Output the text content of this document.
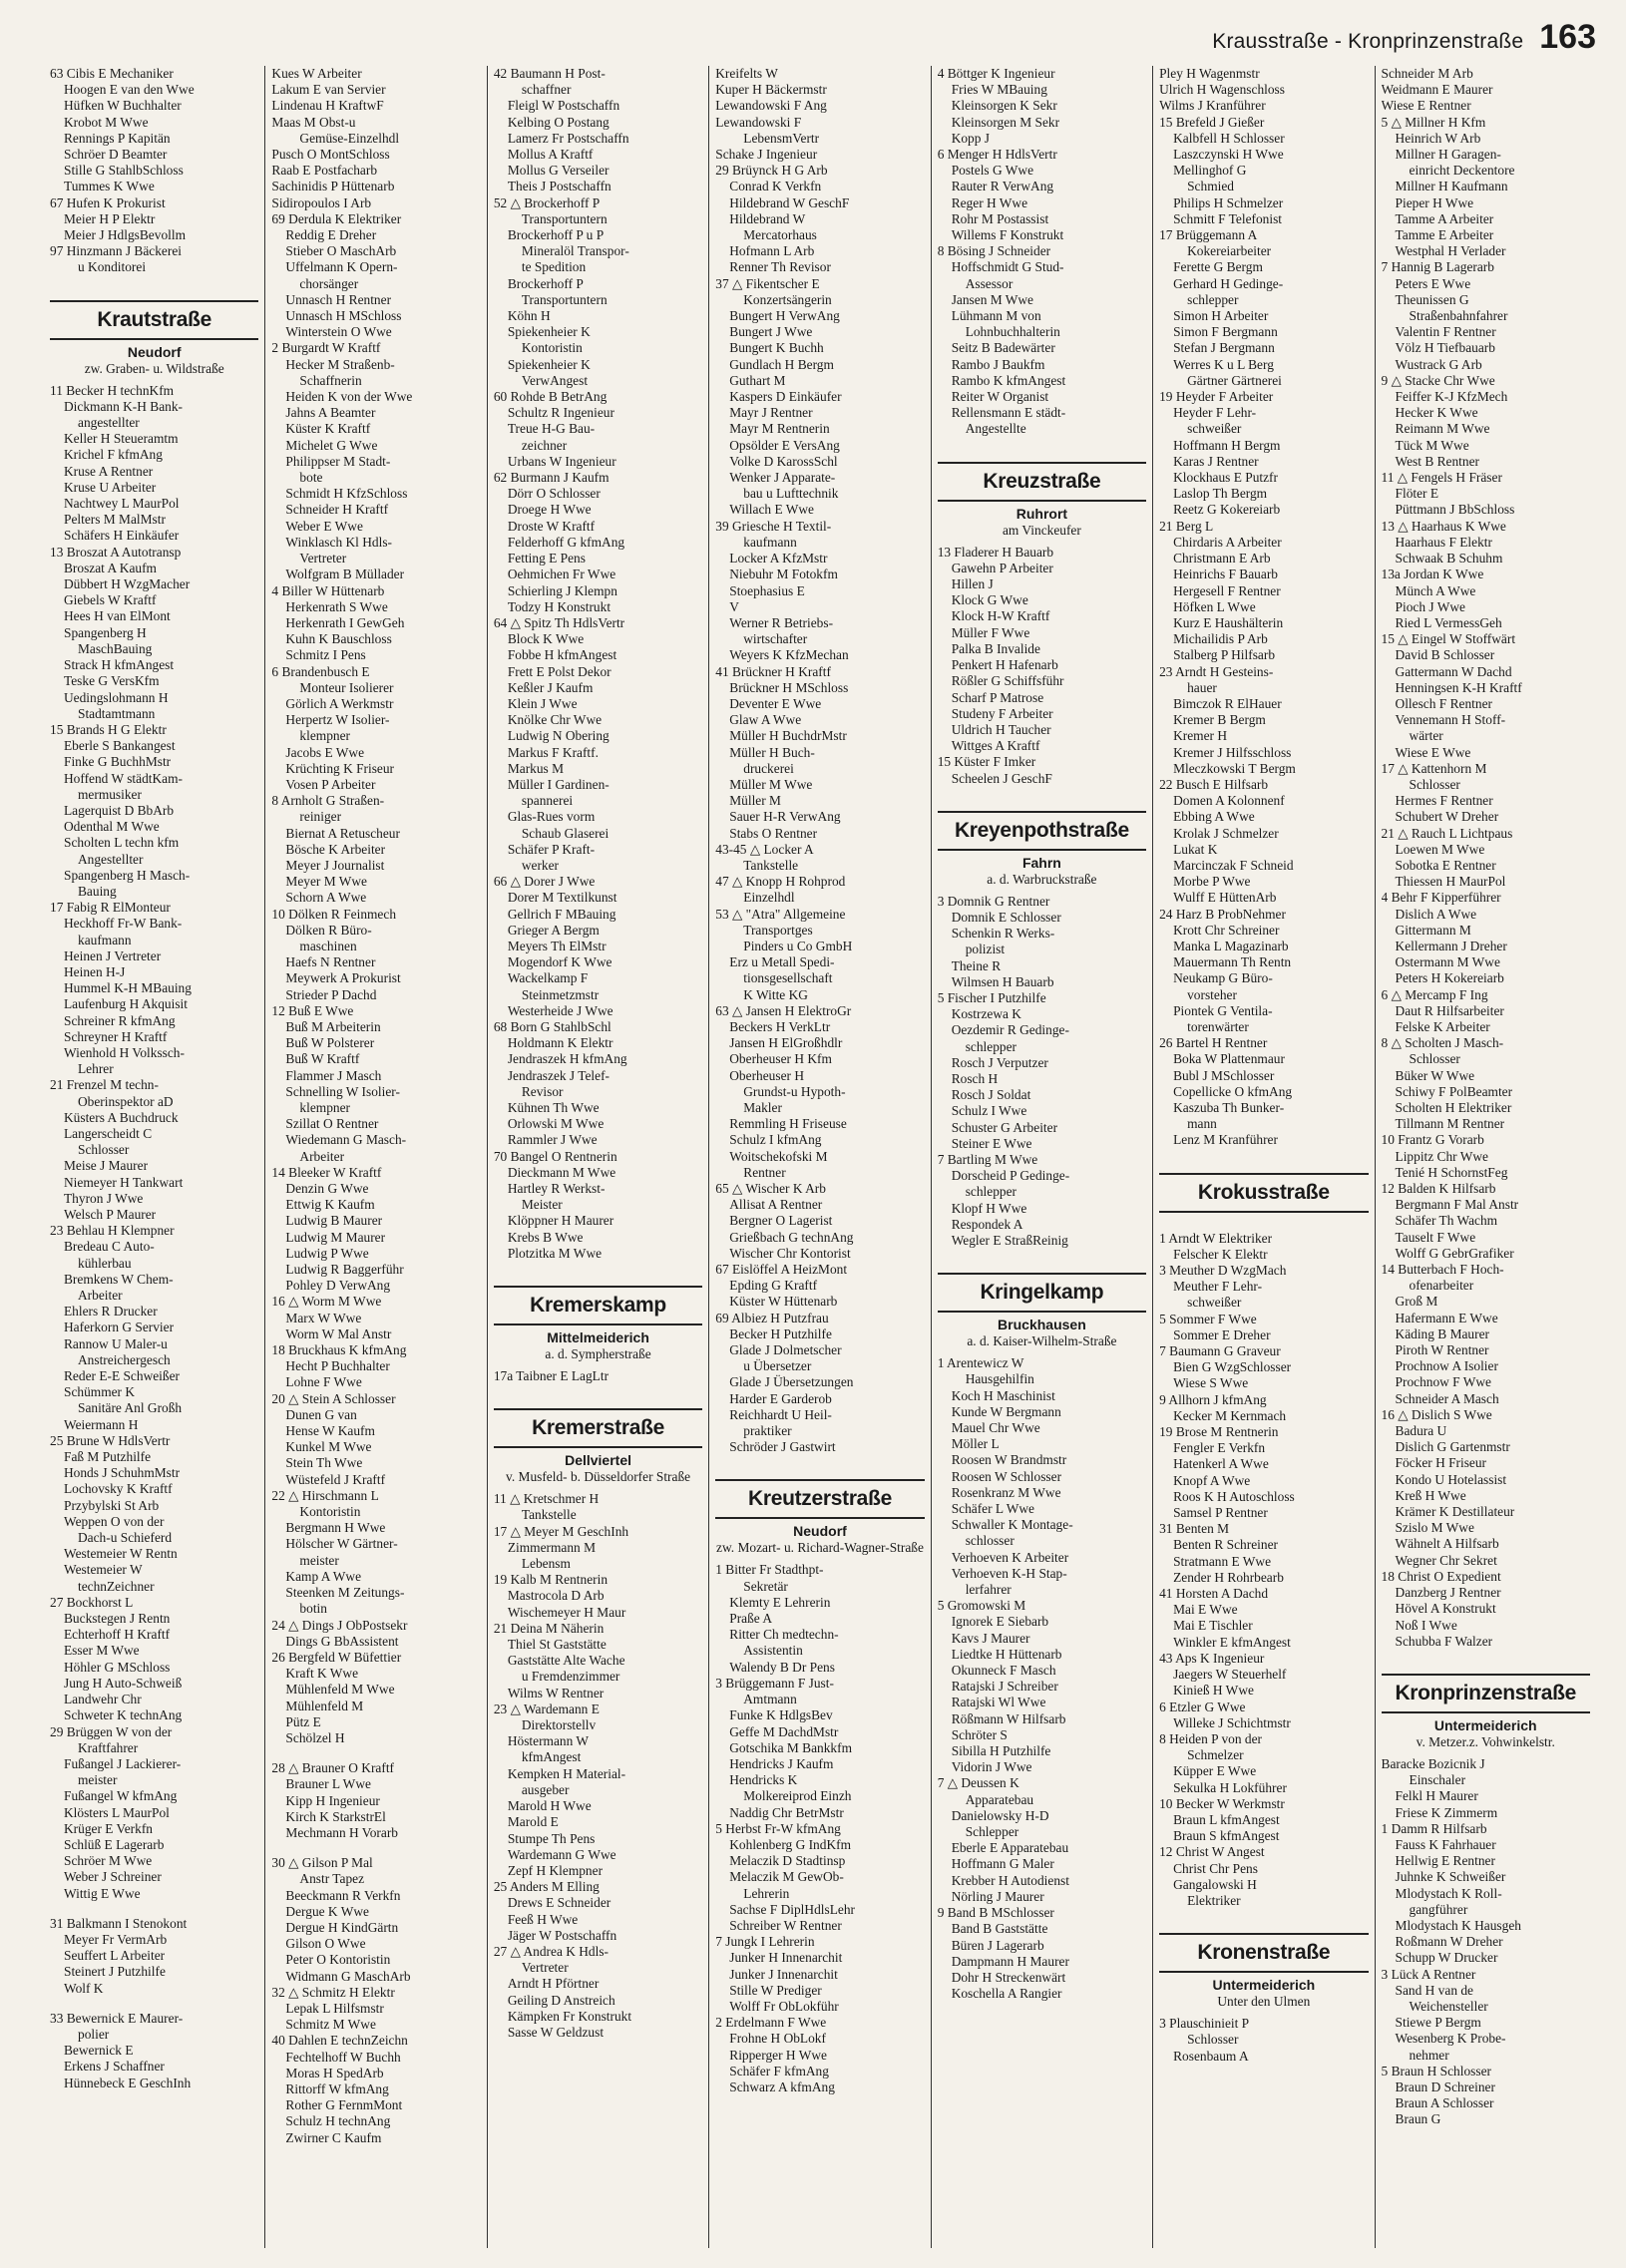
Krausstraße - Kronprinzenstraße 163
63 Cibis E Mechaniker
Hoogen E van den Wwe
Hüfken W Buchhalter
Krobot M Wwe
Rennings P Kapitän
Schröer D Beamter
Stille G StahlbSchloss
Tummes K Wwe
67 Hufen K Prokurist
Meier H P Elektr
Meier J HdlgsBevollm
97 Hinzmann J Bäckerei
u Konditorei
Krautstraße
Neudorf
zw. Graben- u. Wildstraße
11 Becker H technKfm
Dickmann K-H Bank-
angestellter
Keller H Steueramtm
Krichel F kfmAng
Kruse A Rentner
Kruse U Arbeiter
Nachtwey L MaurPol
Pelters M MalMstr
Schäfers H Einkäufer
13 Broszat A Autotransp
Broszat A Kaufm
Dübbert H WzgMacher
Giebels W Kraftf
Hees H van ElMont
Spangenberg H
MaschBauing
Strack H kfmAngest
Teske G VersKfm
Uedingslohmann H
Stadtamtmann
15 Brands H G Elektr
Eberle S Bankangest
Finke G BuchhMstr
Hoffend W städtKam-
mermusiker
Lagerquist D BbArb
Odenthal M Wwe
Scholten L techn kfm
Angestellter
Spangenberg H Masch-
Bauing
17 Fabig R ElMonteur
Heckhoff Fr-W Bank-
kaufmann
Heinen J Vertreter
Heinen H-J
Hummel K-H MBauing
Laufenburg H Akquisit
Schreiner R kfmAng
Schreyner H Kraftf
Wienhold H Volkssch-
Lehrer
21 Frenzel M techn-
Oberinspektor aD
Küsters A Buchdruck
Langerscheidt C
Schlosser
Meise J Maurer
Niemeyer H Tankwart
Thyron J Wwe
Welsch P Maurer
23 Behlau H Klempner
Bredeau C Auto-
kühlerbau
Bremkens W Chem-
Arbeiter
Ehlers R Drucker
Haferkorn G Servier
Rannow U Maler-u
Anstreichergesch
Reder E-E Schweißer
Schümmer K
Sanitäre Anl Großh
Weiermann H
25 Brune W HdlsVertr
Faß M Putzhilfe
Honds J SchuhmMstr
Lochovsky K Kraftf
Przybylski St Arb
Weppen O von der
Dach-u Schieferd
Westemeier W Rentn
Westemeier W
technZeichner
27 Bockhorst L
Buckstegen J Rentn
Echterhoff H Kraftf
Esser M Wwe
Höhler G MSchloss
Jung H Auto-Schweiß
Landwehr Chr
Schweter K technAng
29 Brüggen W von der
Kraftfahrer
Fußangel J Lackierer-
meister
Fußangel W kfmAng
Klösters L MaurPol
Krüger E Verkfn
Schlüß E Lagerarb
Schröer M Wwe
Weber J Schreiner
Wittig E Wwe
31 Balkmann I Stenokont
Meyer Fr VermArb
Seuffert L Arbeiter
Steinert J Putzhilfe
Wolf K
33 Bewernick E Maurer-
polier
Bewernick E
Erkens J Schaffner
Hünnebeck E GeschInh
Kues W Arbeiter
Lakum E van Servier
Lindenau H KraftwF
Maas M Obst-u
Gemüse-Einzelhdl
Pusch O MontSchloss
Raab E Postfacharb
Sachinidis P Hüttenarb
Sidiropoulos I Arb
69 Derdula K Elektriker
Reddig E Dreher
Stieber O MaschArb
Uffelmann K Opern-
chorsänger
Unnasch H Rentner
Unnasch H MSchloss
Winterstein O Wwe
2 Burgardt W Kraftf
Hecker M Straßenb-
Schaffnerin
Heiden K von der Wwe
Jahns A Beamter
Küster K Kraftf
Michelet G Wwe
Philippser M Stadt-
bote
Schmidt H KfzSchloss
Schneider H Kraftf
Weber E Wwe
Winklasch Kl Hdls-
Vertreter
Wolfgram B Müllader
4 Biller W Hüttenarb
Herkenrath S Wwe
Herkenrath I GewGeh
Kuhn K Bauschloss
Schmitz I Pens
6 Brandenbusch E
Monteur Isolierer
Görlich A Werkmstr
Herpertz W Isolier-
klempner
Jacobs E Wwe
Krüchting K Friseur
Vosen P Arbeiter
8 Arnholt G Straßen-
reiniger
Biernat A Retuscheur
Bösche K Arbeiter
Meyer J Journalist
Meyer M Wwe
Schorn A Wwe
10 Dölken R Feinmech
Dölken R Büro-
maschinen
Haefs N Rentner
Meywerk A Prokurist
Strieder P Dachd
12 Buß E Wwe
Buß M Arbeiterin
Buß W Polsterer
Buß W Kraftf
Flammer J Masch
Schnelling W Isolier-
klempner
Szillat O Rentner
Wiedemann G Masch-
Arbeiter
14 Bleeker W Kraftf
Denzin G Wwe
Ettwig K Kaufm
Ludwig B Maurer
Ludwig M Maurer
Ludwig P Wwe
Ludwig R Baggerführ
Pohley D VerwAng
16 △ Worm M Wwe
Marx W Wwe
Worm W Mal Anstr
18 Bruckhaus K kfmAng
Hecht P Buchhalter
Lohne F Wwe
20 △ Stein A Schlosser
Dunen G van
Hense W Kaufm
Kunkel M Wwe
Stein Th Wwe
Wüstefeld J Kraftf
22 △ Hirschmann L
Kontoristin
Bergmann H Wwe
Hölscher W Gärtner-
meister
Kamp A Wwe
Steenken M Zeitungs-
botin
24 △ Dings J ObPostsekr
Dings G BbAssistent
26 Bergfeld W Büfettier
Kraft K Wwe
Mühlenfeld M Wwe
Mühlenfeld M
Pütz E
Schölzel H
28 △ Brauner O Kraftf
Brauner L Wwe
Kipp H Ingenieur
Kirch K StarkstrEl
Mechmann H Vorarb
30 △ Gilson P Mal
Anstr Tapez
Beeckmann R Verkfn
Dergue K Wwe
Dergue H KindGärtn
Gilson O Wwe
Peter O Kontoristin
Widmann G MaschArb
32 △ Schmitz H Elektr
Lepak L Hilfsmstr
Schmitz M Wwe
40 Dahlen E technZeichn
Fechtelhoff W Buchh
Moras H SpedArb
Rittorff W kfmAng
Rother G FernmMont
Schulz H technAng
Zwirner C Kaufm
42 Baumann H Post-
schaffner
Fleigl W Postschaffn
Kelbing O Postang
Lamerz Fr Postschaffn
Mollus A Kraftf
Mollus G Verseiler
Theis J Postschaffn
52 △ Brockerhoff P
Transportuntern
Brockerhoff P u P
Mineralöl Transpor-
te Spedition
Brockerhoff P
Transportuntern
Köhn H
Spiekenheier K
Kontoristin
Spiekenheier K
VerwAngest
60 Rohde B BetrAng
Schultz R Ingenieur
Treue H-G Bau-
zeichner
Urbans W Ingenieur
62 Burmann J Kaufm
Dörr O Schlosser
Droege H Wwe
Droste W Kraftf
Felderhoff G kfmAng
Fetting E Pens
Oehmichen Fr Wwe
Schierling J Klempn
Todzy H Konstrukt
64 △ Spitz Th HdlsVertr
Block K Wwe
Fobbe H kfmAngest
Frett E Polst Dekor
Keßler J Kaufm
Klein J Wwe
Knölke Chr Wwe
Ludwig N Obering
Markus F Kraftf.
Markus M
Müller I Gardinen-
spannerei
Glas-Rues vorm
Schaub Glaserei
Schäfer P Kraft-
werker
66 △ Dorer J Wwe
Dorer M Textilkunst
Gellrich F MBauing
Grieger A Bergm
Meyers Th ElMstr
Mogendorf K Wwe
Wackelkamp F
Steinmetzmstr
Westerheide J Wwe
68 Born G StahlbSchl
Holdmann K Elektr
Jendraszek H kfmAng
Jendraszek J Telef-
Revisor
Kühnen Th Wwe
Orlowski M Wwe
Rammler J Wwe
70 Bangel O Rentnerin
Dieckmann M Wwe
Hartley R Werkst-
Meister
Klöppner H Maurer
Krebs B Wwe
Plotzitka M Wwe
Kremerskamp
Mittelmeiderich
a. d. Sympherstraße
17a Taibner E LagLtr
Kremerstraße
Dellviertel
v. Musfeld- b. Düsseldorfer Straße
11 △ Kretschmer H
Tankstelle
17 △ Meyer M GeschInh
Zimmermann M
Lebensm
19 Kalb M Rentnerin
Mastrocola D Arb
Wischemeyer H Maur
21 Deina M Näherin
Thiel St Gaststätte
Gaststätte Alte Wache
u Fremdenzimmer
Wilms W Rentner
23 △ Wardemann E
Direktorstellv
Höstermann W
kfmAngest
Kempken H Material-
ausgeber
Marold H Wwe
Marold E
Stumpe Th Pens
Wardemann G Wwe
Zepf H Klempner
25 Anders M Elling
Drews E Schneider
Feeß H Wwe
Jäger W Postschaffn
27 △ Andrea K Hdls-
Vertreter
Arndt H Pförtner
Geiling D Anstreich
Kämpken Fr Konstrukt
Sasse W Geldzust
Kreifelts W
Kuper H Bäckermstr
Lewandowski F Ang
Lewandowski F
LebensmVertr
Schake J Ingenieur
29 Brüynck H G Arb
Conrad K Verkfn
Hildebrand W GeschF
Hildebrand W
Mercatorhaus
Hofmann L Arb
Renner Th Revisor
37 △ Fikentscher E
Konzertsängerin
Bungert H VerwAng
Bungert J Wwe
Bungert K Buchh
Gundlach H Bergm
Guthart M
Kaspers D Einkäufer
Mayr J Rentner
Mayr M Rentnerin
Opsölder E VersAng
Volke D KarossSchl
Wenker J Apparate-
bau u Lufttechnik
Willach E Wwe
39 Griesche H Textil-
kaufmann
Locker A KfzMstr
Niebuhr M Fotokfm
Stoephasius E
V
Werner R Betriebs-
wirtschafter
Weyers K KfzMechan
41 Brückner H Kraftf
Brückner H MSchloss
Deventer E Wwe
Glaw A Wwe
Müller H BuchdrMstr
Müller H Buch-
druckerei
Müller M Wwe
Müller M
Sauer H-R VerwAng
Stabs O Rentner
43-45 △ Locker A
Tankstelle
47 △ Knopp H Rohprod
Einzelhdl
53 △ "Atra" Allgemeine
Transportges
Pinders u Co GmbH
Erz u Metall Spedi-
tionsgesellschaft
K Witte KG
63 △ Jansen H ElektroGr
Beckers H VerkLtr
Jansen H ElGroßhdlr
Oberheuser H Kfm
Oberheuser H
Grundst-u Hypoth-
Makler
Remmling H Friseuse
Schulz I kfmAng
Woitschekofski M
Rentner
65 △ Wischer K Arb
Allisat A Rentner
Bergner O Lagerist
Grießbach G technAng
Wischer Chr Kontorist
67 Eislöffel A HeizMont
Epding G Kraftf
Küster W Hüttenarb
69 Albiez H Putzfrau
Becker H Putzhilfe
Glade J Dolmetscher
u Übersetzer
Glade J Übersetzungen
Harder E Garderob
Reichhardt U Heil-
praktiker
Schröder J Gastwirt
Kreutzerstraße
Neudorf
zw. Mozart- u. Richard-Wagner-Straße
1 Bitter Fr Stadthpt-
Sekretär
Klemty E Lehrerin
Praße A
Ritter Ch medtechn-
Assistentin
Walendy B Dr Pens
3 Brüggemann F Just-
Amtmann
Funke K HdlgsBev
Geffe M DachdMstr
Gotschika M Bankkfm
Hendricks J Kaufm
Hendricks K
Molkereiprod Einzh
Naddig Chr BetrMstr
5 Herbst Fr-W kfmAng
Kohlenberg G IndKfm
Melaczik D Stadtinsp
Melaczik M GewOb-
Lehrerin
Sachse F DiplHdlsLehr
Schreiber W Rentner
7 Jungk I Lehrerin
Junker H Innenarchit
Junker J Innenarchit
Stille W Prediger
Wolff Fr ObLokführ
2 Erdelmann F Wwe
Frohne H ObLokf
Ripperger H Wwe
Schäfer F kfmAng
Schwarz A kfmAng
4 Böttger K Ingenieur
Fries W MBauing
Kleinsorgen K Sekr
Kleinsorgen M Sekr
Kopp J
6 Menger H HdlsVertr
Postels G Wwe
Rauter R VerwAng
Reger H Wwe
Rohr M Postassist
Willems F Konstrukt
8 Bösing J Schneider
Hoffschmidt G Stud-
Assessor
Jansen M Wwe
Lühmann M von
Lohnbuchhalterin
Seitz B Badewärter
Rambo J Baukfm
Rambo K kfmAngest
Reiter W Organist
Rellensmann E städt-
Angestellte
Kreuzstraße
Ruhrort
am Vinckeufer
13 Fladerer H Bauarb
Gawehn P Arbeiter
Hillen J
Klock G Wwe
Klock H-W Kraftf
Müller F Wwe
Palka B Invalide
Penkert H Hafenarb
Rößler G Schiffsführ
Scharf P Matrose
Studeny F Arbeiter
Uldrich H Taucher
Wittges A Kraftf
15 Küster F Imker
Scheelen J GeschF
Kreyenpothstraße
Fahrn
a. d. Warbruckstraße
3 Domnik G Rentner
Domnik E Schlosser
Schenkin R Werks-
polizist
Theine R
Wilmsen H Bauarb
5 Fischer I Putzhilfe
Kostrzewa K
Oezdemir R Gedinge-
schlepper
Rosch J Verputzer
Rosch H
Rosch J Soldat
Schulz I Wwe
Schuster G Arbeiter
Steiner E Wwe
7 Bartling M Wwe
Dorscheid P Gedinge-
schlepper
Klopf H Wwe
Respondek A
Wegler E StraßReinig
Kringelkamp
Bruckhausen
a. d. Kaiser-Wilhelm-Straße
1 Arentewicz W
Hausgehilfin
Koch H Maschinist
Kunde W Bergmann
Mauel Chr Wwe
Möller L
Roosen W Brandmstr
Roosen W Schlosser
Rosenkranz M Wwe
Schäfer L Wwe
Schwaller K Montage-
schlosser
Verhoeven K Arbeiter
Verhoeven K-H Stap-
lerfahrer
5 Gromowski M
Ignorek E Siebarb
Kavs J Maurer
Liedtke H Hüttenarb
Okunneck F Masch
Ratajski J Schreiber
Ratajski Wl Wwe
Rößmann W Hilfsarb
Schröter S
Sibilla H Putzhilfe
Vidorin J Wwe
7 △ Deussen K
Apparatebau
Danielowsky H-D
Schlepper
Eberle E Apparatebau
Hoffmann G Maler
Krebber H Autodienst
Nörling J Maurer
9 Band B MSchlosser
Band B Gaststätte
Büren J Lagerarb
Dampmann H Maurer
Dohr H Streckenwärt
Koschella A Rangier
Pley H Wagenmstr
Ulrich H Wagenschloss
Wilms J Kranführer
15 Brefeld J Gießer
Kalbfell H Schlosser
Laszczynski H Wwe
Mellinghof G
Schmied
Philips H Schmelzer
Schmitt F Telefonist
17 Brüggemann A
Kokereiarbeiter
Ferette G Bergm
Gerhard H Gedinge-
schlepper
Simon H Arbeiter
Simon F Bergmann
Stefan J Bergmann
Werres K u L Berg
Gärtner Gärtnerei
19 Heyder F Arbeiter
Heyder F Lehr-
schweißer
Hoffmann H Bergm
Karas J Rentner
Klockhaus E Putzfr
Laslop Th Bergm
Reetz G Kokereiarb
21 Berg L
Chirdaris A Arbeiter
Christmann E Arb
Heinrichs F Bauarb
Hergesell F Rentner
Höfken L Wwe
Kurz E Haushälterin
Michailidis P Arb
Stalberg P Hilfsarb
23 Arndt H Gesteins-
hauer
Bimczok R ElHauer
Kremer B Bergm
Kremer H
Kremer J Hilfsschloss
Mleczkowski T Bergm
22 Busch E Hilfsarb
Domen A Kolonnenf
Ebbing A Wwe
Krolak J Schmelzer
Lukat K
Marcinczak F Schneid
Morbe P Wwe
Wulff E HüttenArb
24 Harz B ProbNehmer
Krott Chr Schreiner
Manka L Magazinarb
Mauermann Th Rentn
Neukamp G Büro-
vorsteher
Piontek G Ventila-
torenwärter
26 Bartel H Rentner
Boka W Plattenmaur
Bubl J MSchlosser
Copellicke O kfmAng
Kaszuba Th Bunker-
mann
Lenz M Kranführer
Krokusstraße
1 Arndt W Elektriker
Felscher K Elektr
3 Meuther D WzgMach
Meuther F Lehr-
schweißer
5 Sommer F Wwe
Sommer E Dreher
7 Baumann G Graveur
Bien G WzgSchlosser
Wiese S Wwe
9 Allhorn J kfmAng
Kecker M Kernmach
19 Brose M Rentnerin
Fengler E Verkfn
Hatenkerl A Wwe
Knopf A Wwe
Roos K H Autoschloss
Samsel P Rentner
31 Benten M
Benten R Schreiner
Stratmann E Wwe
Zender H Rohrbearb
41 Horsten A Dachd
Mai E Wwe
Mai E Tischler
Winkler E kfmAngest
43 Aps K Ingenieur
Jaegers W Steuerhelf
Kinieß H Wwe
6 Etzler G Wwe
Willeke J Schichtmstr
8 Heiden P von der
Schmelzer
Küpper E Wwe
Sekulka H Lokführer
10 Becker W Werkmstr
Braun L kfmAngest
Braun S kfmAngest
12 Christ W Angest
Christ Chr Pens
Gangalowski H
Elektriker
Kronenstraße
Untermeiderich
Unter den Ulmen
3 Plauschinieit P
Schlosser
Rosenbaum A
Schneider M Arb
Weidmann E Maurer
Wiese E Rentner
5 △ Millner H Kfm
Heinrich W Arb
Millner H Garagen-
einricht Deckentore
Millner H Kaufmann
Pieper H Wwe
Tamme A Arbeiter
Tamme E Arbeiter
Westphal H Verlader
7 Hannig B Lagerarb
Peters E Wwe
Theunissen G
Straßenbahnfahrer
Valentin F Rentner
Völz H Tiefbauarb
Wustrack G Arb
9 △ Stacke Chr Wwe
Feiffer K-J KfzMech
Hecker K Wwe
Reimann M Wwe
Tück M Wwe
West B Rentner
11 △ Fengels H Fräser
Flöter E
Püttmann J BbSchloss
13 △ Haarhaus K Wwe
Haarhaus F Elektr
Schwaak B Schuhm
13a Jordan K Wwe
Münch A Wwe
Pioch J Wwe
Ried L VermessGeh
15 △ Eingel W Stoffwärt
David B Schlosser
Gattermann W Dachd
Henningsen K-H Kraftf
Ollesch F Rentner
Vennemann H Stoff-
wärter
Wiese E Wwe
17 △ Kattenhorn M
Schlosser
Hermes F Rentner
Schubert W Dreher
21 △ Rauch L Lichtpaus
Loewen M Wwe
Sobotka E Rentner
Thiessen H MaurPol
4 Behr F Kipperführer
Dislich A Wwe
Gittermann M
Kellermann J Dreher
Ostermann M Wwe
Peters H Kokereiarb
6 △ Mercamp F Ing
Daut R Hilfsarbeiter
Felske K Arbeiter
8 △ Scholten J Masch-
Schlosser
Büker W Wwe
Schiwy F PolBeamter
Scholten H Elektriker
Tillmann M Rentner
10 Frantz G Vorarb
Lippitz Chr Wwe
Tenié H SchornstFeg
12 Balden K Hilfsarb
Bergmann F Mal Anstr
Schäfer Th Wachm
Tauselt F Wwe
Wolff G GebrGrafiker
14 Butterbach F Hoch-
ofenarbeiter
Groß M
Hafermann E Wwe
Käding B Maurer
Piroth W Rentner
Prochnow A Isolier
Prochnow F Wwe
Schneider A Masch
16 △ Dislich S Wwe
Badura U
Dislich G Gartenmstr
Föcker H Friseur
Kondo U Hotelassist
Kreß H Wwe
Krämer K Destillateur
Szislo M Wwe
Wähnelt A Hilfsarb
Wegner Chr Sekret
18 Christ O Expedient
Danzberg J Rentner
Hövel A Konstrukt
Noß I Wwe
Schubba F Walzer
Kronprinzenstraße
Untermeiderich
v. Metzer.z. Vohwinkelstr.
Baracke Bozicnik J
Einschaler
Felkl H Maurer
Friese K Zimmerm
1 Damm R Hilfsarb
Fauss K Fahrhauer
Hellwig E Rentner
Juhnke K Schweißer
Mlodystach K Roll-
gangführer
Mlodystach K Hausgeh
Roßmann W Dreher
Schupp W Drucker
3 Lück A Rentner
Sand H van de
Weichensteller
Stiewe P Bergm
Wesenberg K Probe-
nehmer
5 Braun H Schlosser
Braun D Schreiner
Braun A Schlosser
Braun G
